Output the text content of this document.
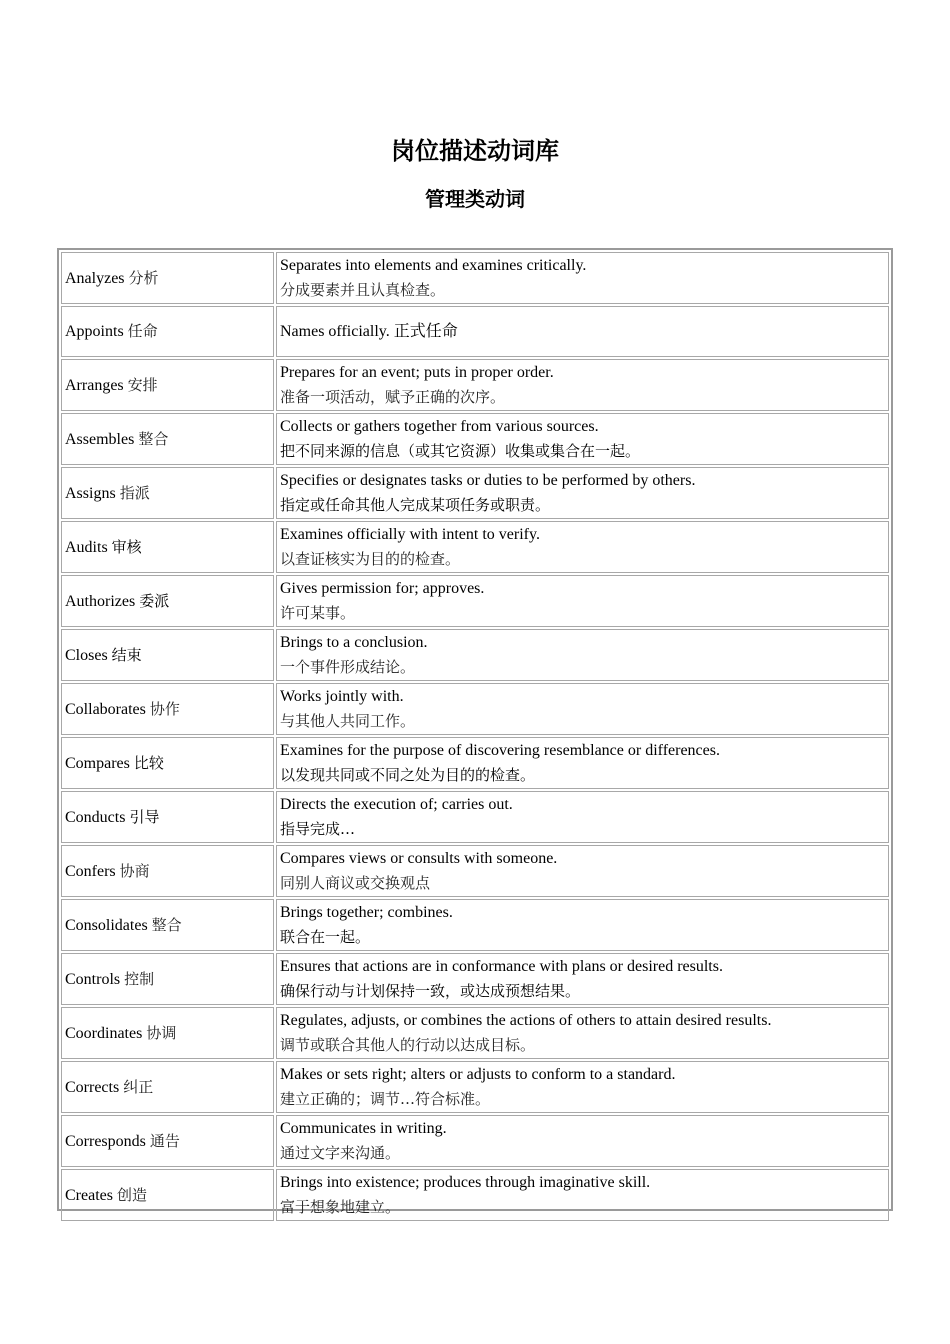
岗位描述动词库
管理类动词
Analyzes 分析	Separates into elements and examines critically.
分成要素并且认真检查。

Appoints 任命	Names officially. 正式任命

Arranges 安排	Prepares for an event; puts in proper order.
准备一项活动，赋予正确的次序。

Assembles 整合	Collects or gathers together from various sources.
把不同来源的信息（或其它资源）收集或集合在一起。

Assigns 指派	Specifies or designates tasks or duties to be performed by others.
指定或任命其他人完成某项任务或职责。

Audits 审核	Examines officially with intent to verify.
以查证核实为目的的检查。

Authorizes 委派	Gives permission for; approves.
许可某事。

Closes 结束	Brings to a conclusion.
一个事件形成结论。

Collaborates 协作	Works jointly with.
与其他人共同工作。

Compares 比较	Examines for the purpose of discovering resemblance or differences.
以发现共同或不同之处为目的的检查。

Conducts 引导	Directs the execution of; carries out.
指导完成…

Confers 协商	Compares views or consults with someone.
同别人商议或交换观点

Consolidates 整合	Brings together; combines.
联合在一起。

Controls 控制	Ensures that actions are in conformance with plans or desired results.
确保行动与计划保持一致，或达成预想结果。

Coordinates 协调	Regulates, adjusts, or combines the actions of others to attain desired results.
调节或联合其他人的行动以达成目标。

Corrects 纠正	Makes or sets right; alters or adjusts to conform to a standard.
建立正确的；调节…符合标准。

Corresponds 通告	Communicates in writing.
通过文字来沟通。

Creates 创造	Brings into existence; produces through imaginative skill.
富于想象地建立。
